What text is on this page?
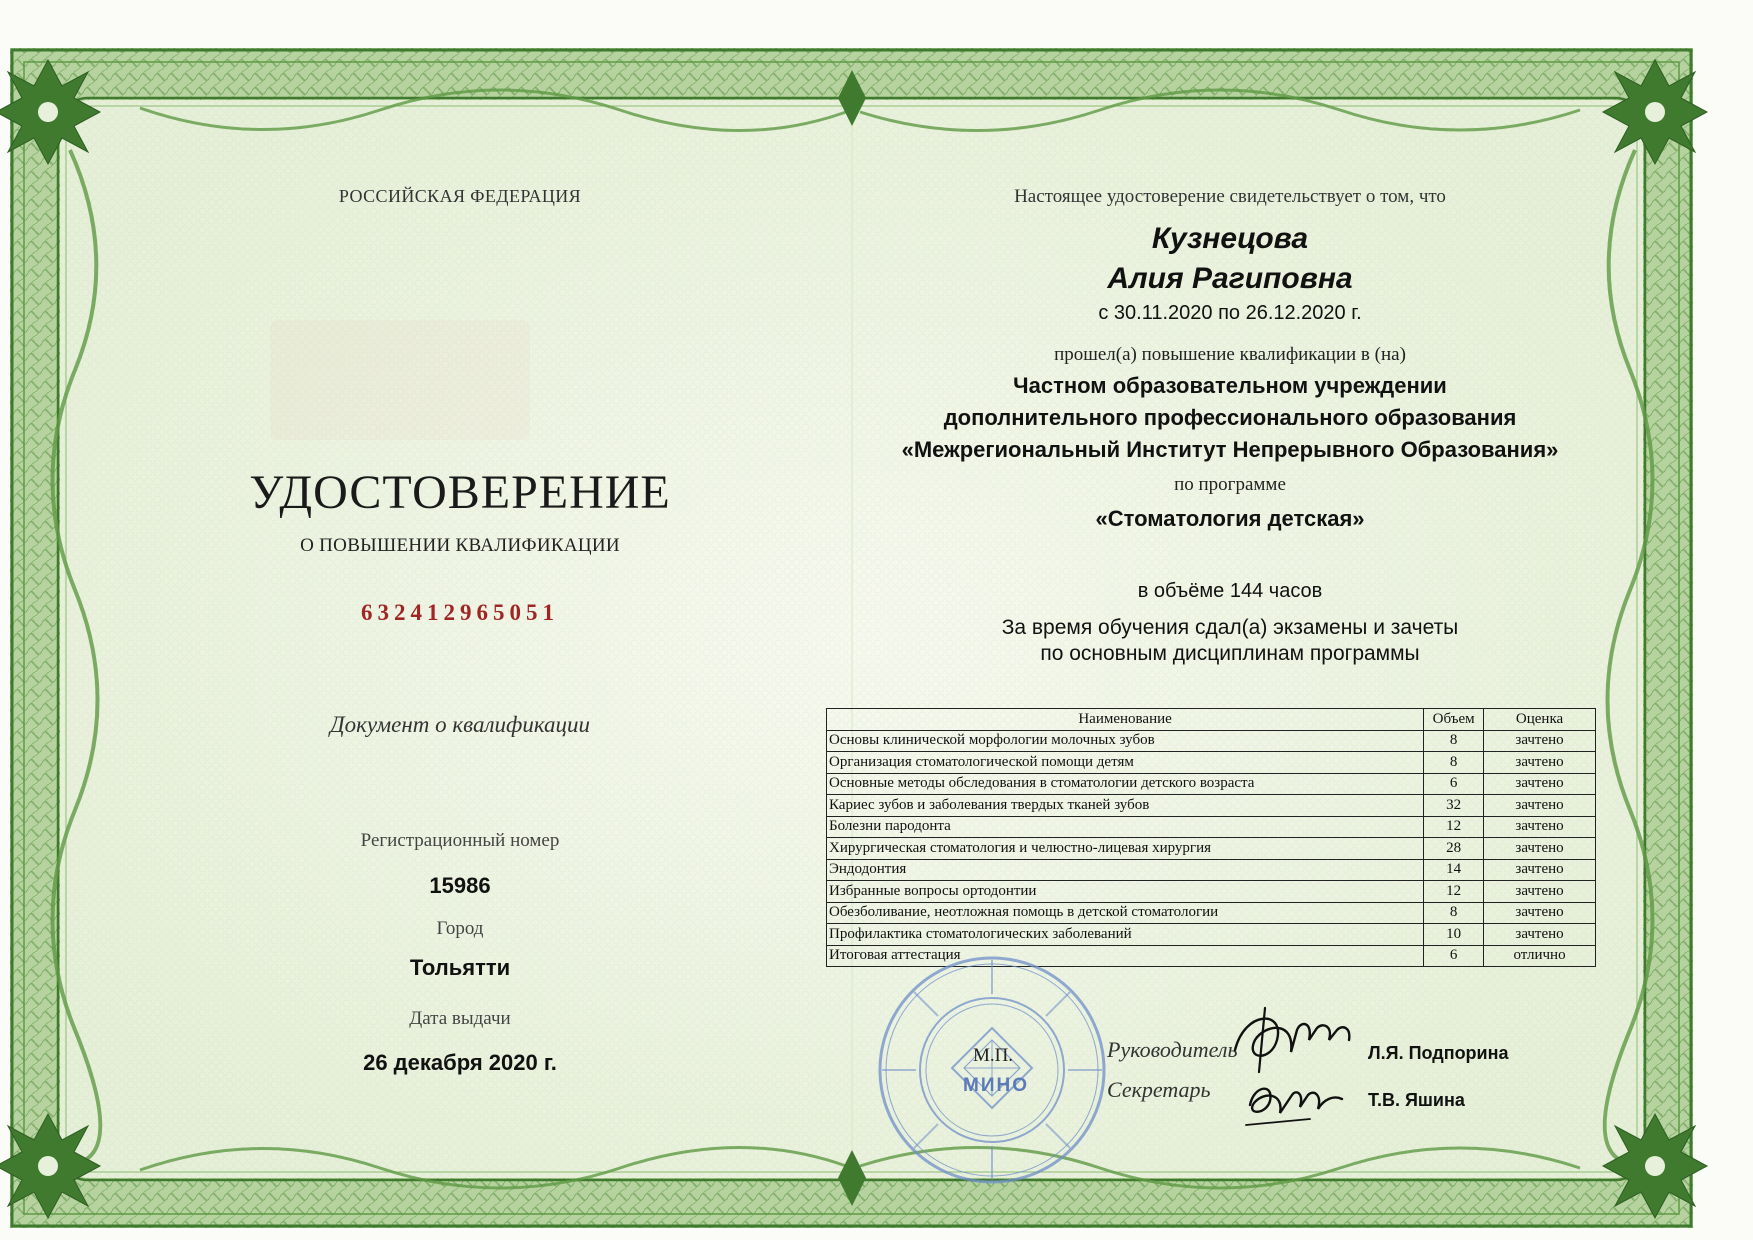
РОССИЙСКАЯ ФЕДЕРАЦИЯ
УДОСТОВЕРЕНИЕ
О ПОВЫШЕНИИ КВАЛИФИКАЦИИ
632412965051
Документ о квалификации
Регистрационный номер
15986
Город
Тольятти
Дата выдачи
26 декабря 2020 г.
Настоящее удостоверение свидетельствует о том, что
Кузнецова
Алия Рагиповна
с 30.11.2020 по 26.12.2020 г.
прошел(а) повышение квалификации в (на)
Частном образовательном учреждении
дополнительного профессионального образования
«Межрегиональный Институт Непрерывного Образования»
по программе
«Стоматология детская»
в объёме 144 часов
За время обучения сдал(а) экзамены и зачеты
по основным дисциплинам программы
Наименование	Объем	Оценка
Основы клинической морфологии молочных зубов	8	зачтено
Организация стоматологической помощи детям	8	зачтено
Основные методы обследования в стоматологии детского возраста	6	зачтено
Кариес зубов и заболевания твердых тканей зубов	32	зачтено
Болезни пародонта	12	зачтено
Хирургическая стоматология и челюстно-лицевая хирургия	28	зачтено
Эндодонтия	14	зачтено
Избранные вопросы ортодонтии	12	зачтено
Обезболивание, неотложная помощь в детской стоматологии	8	зачтено
Профилактика стоматологических заболеваний	10	зачтено
Итоговая аттестация	6	отлично
М.П.
МИНО
Руководитель
Секретарь
Л.Я. Подпорина
Т.В. Яшина
